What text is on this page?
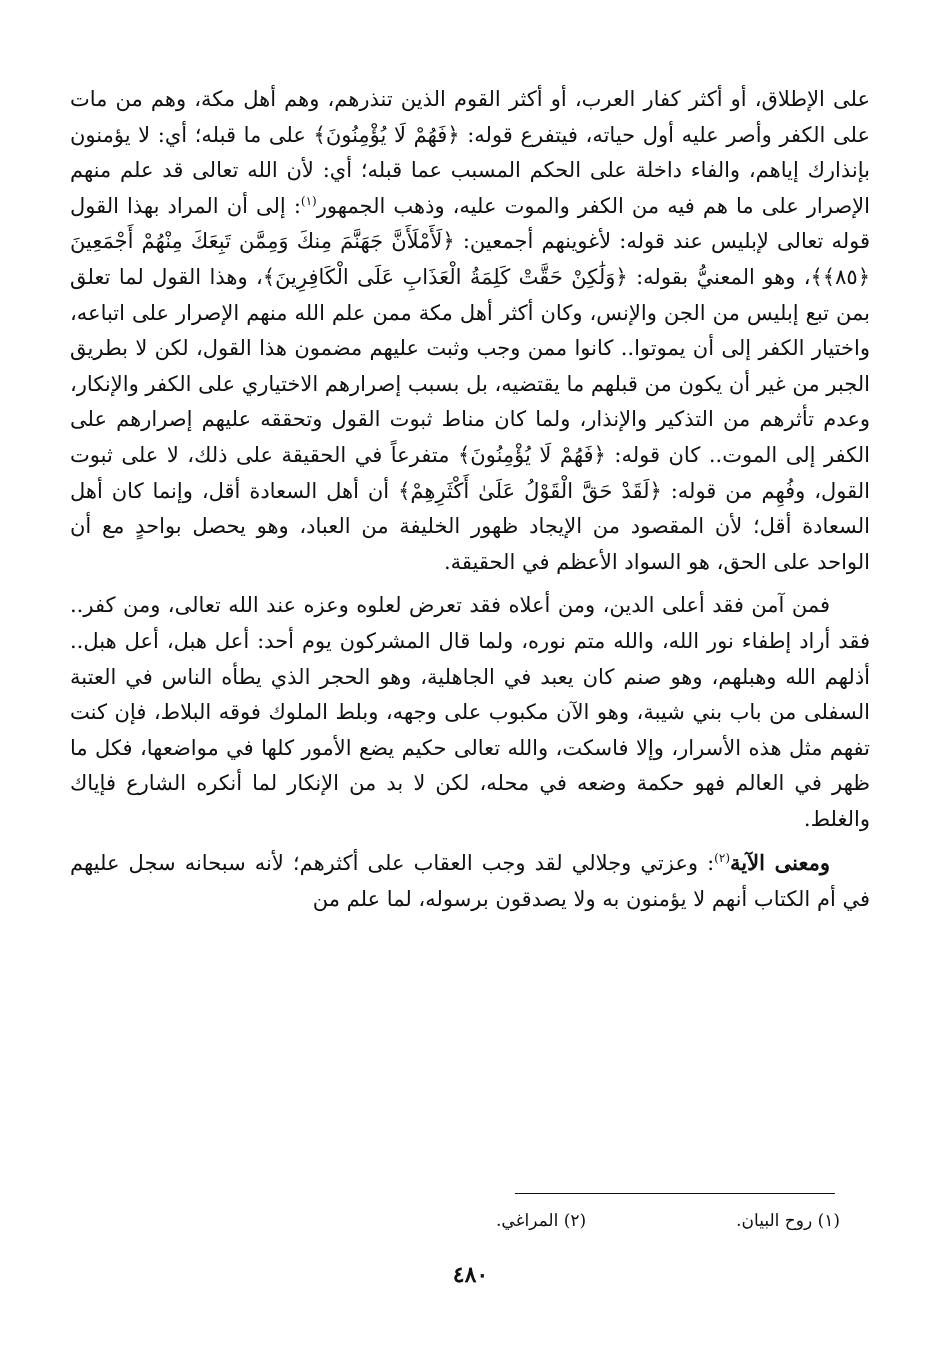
على الإطلاق، أو أكثر كفار العرب، أو أكثر القوم الذين تنذرهم، وهم أهل مكة، وهم من مات على الكفر وأصر عليه أول حياته، فيتفرع قوله: ﴿فَهُمْ لَا يُؤْمِنُونَ﴾ على ما قبله؛ أي: لا يؤمنون بإنذارك إياهم، والفاء داخلة على الحكم المسبب عما قبله؛ أي: لأن الله تعالى قد علم منهم الإصرار على ما هم فيه من الكفر والموت عليه، وذهب الجمهور$^{(١)}$: إلى أن المراد بهذا القول قوله تعالى لإبليس عند قوله: لأغوينهم أجمعين: ﴿لَأَمْلَأَنَّ جَهَنَّمَ مِنكَ وَمِمَّن تَبِعَكَ مِنْهُمْ أَجْمَعِينَ ﴿٨٥﴾﴾، وهو المعنيُّ بقوله: ﴿وَلَٰكِنْ حَقَّتْ كَلِمَةُ الْعَذَابِ عَلَى الْكَافِرِينَ﴾، وهذا القول لما تعلق بمن تبع إبليس من الجن والإنس، وكان أكثر أهل مكة ممن علم الله منهم الإصرار على اتباعه، واختيار الكفر إلى أن يموتوا.. كانوا ممن وجب وثبت عليهم مضمون هذا القول، لكن لا بطريق الجبر من غير أن يكون من قبلهم ما يقتضيه، بل بسبب إصرارهم الاختياري على الكفر والإنكار، وعدم تأثرهم من التذكير والإنذار، ولما كان مناط ثبوت القول وتحققه عليهم إصرارهم على الكفر إلى الموت.. كان قوله: ﴿فَهُمْ لَا يُؤْمِنُونَ﴾ متفرعاً في الحقيقة على ذلك، لا على ثبوت القول، وفُهِم من قوله: ﴿لَقَدْ حَقَّ الْقَوْلُ عَلَىٰ أَكْثَرِهِمْ﴾ أن أهل السعادة أقل، وإنما كان أهل السعادة أقل؛ لأن المقصود من الإيجاد ظهور الخليفة من العباد، وهو يحصل بواحدٍ مع أن الواحد على الحق، هو السواد الأعظم في الحقيقة.

فمن آمن فقد أعلى الدين، ومن أعلاه فقد تعرض لعلوه وعزه عند الله تعالى، ومن كفر.. فقد أراد إطفاء نور الله، والله متم نوره، ولما قال المشركون يوم أحد: أعل هبل، أعل هبل.. أذلهم الله وهبلهم، وهو صنم كان يعبد في الجاهلية، وهو الحجر الذي يطأه الناس في العتبة السفلى من باب بني شيبة، وهو الآن مكبوب على وجهه، وبلط الملوك فوقه البلاط، فإن كنت تفهم مثل هذه الأسرار، وإلا فاسكت، والله تعالى حكيم يضع الأمور كلها في مواضعها، فكل ما ظهر في العالم فهو حكمة وضعه في محله، لكن لا بد من الإنكار لما أنكره الشارع فإياك والغلط.

ومعنى الآية$^{(٢)}$: وعزتي وجلالي لقد وجب العقاب على أكثرهم؛ لأنه سبحانه سجل عليهم في أم الكتاب أنهم لا يؤمنون به ولا يصدقون برسوله، لما علم من

(١) روح البيان.
(٢) المراغي.
٤٨٠
